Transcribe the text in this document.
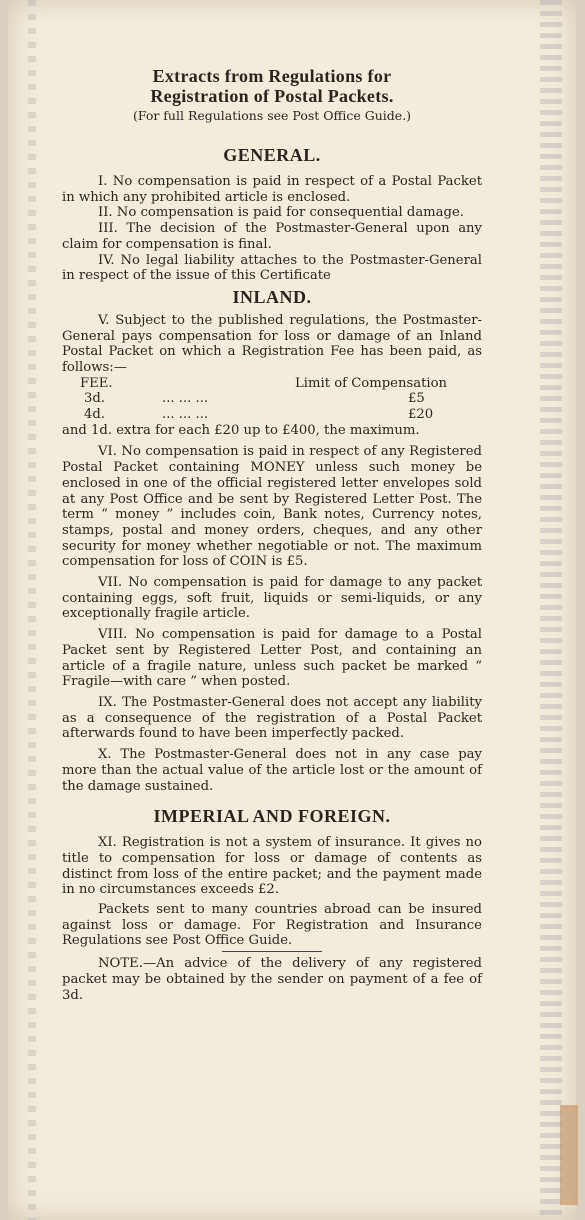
Extracts from Regulations for
Registration of Postal Packets.
(For full Regulations see Post Office Guide.)
GENERAL.

I. No compensation is paid in respect of a Postal Packet in which any prohibited article is enclosed.

II. No compensation is paid for consequential damage.

III. The decision of the Postmaster-General upon any claim for compensation is final.

IV. No legal liability attaches to the Postmaster-General in respect of the issue of this Certificate

INLAND.

V. Subject to the published regulations, the Postmaster-General pays compensation for loss or damage of an Inland Postal Packet on which a Registration Fee has been paid, as follows:—

FEE.	Limit of Compensation
3d.	... ... ...	£5
4d.	... ... ...	£20

and 1d. extra for each £20 up to £400, the maximum.

VI. No compensation is paid in respect of any Registered Postal Packet containing MONEY unless such money be enclosed in one of the official registered letter envelopes sold at any Post Office and be sent by Registered Letter Post. The term “ money ” includes coin, Bank notes, Currency notes, stamps, postal and money orders, cheques, and any other security for money whether negotiable or not. The maximum compensation for loss of COIN is £5.

VII. No compensation is paid for damage to any packet containing eggs, soft fruit, liquids or semi-liquids, or any exceptionally fragile article.

VIII. No compensation is paid for damage to a Postal Packet sent by Registered Letter Post, and containing an article of a fragile nature, unless such packet be marked “ Fragile—with care ” when posted.

IX. The Postmaster-General does not accept any liability as a consequence of the registration of a Postal Packet afterwards found to have been imperfectly packed.

X. The Postmaster-General does not in any case pay more than the actual value of the article lost or the amount of the damage sustained.

IMPERIAL AND FOREIGN.

XI. Registration is not a system of insurance. It gives no title to compensation for loss or damage of contents as distinct from loss of the entire packet; and the payment made in no circumstances exceeds £2.

Packets sent to many countries abroad can be insured against loss or damage. For Registration and Insurance Regulations see Post Office Guide.

NOTE.—An advice of the delivery of any registered packet may be obtained by the sender on payment of a fee of 3d.
